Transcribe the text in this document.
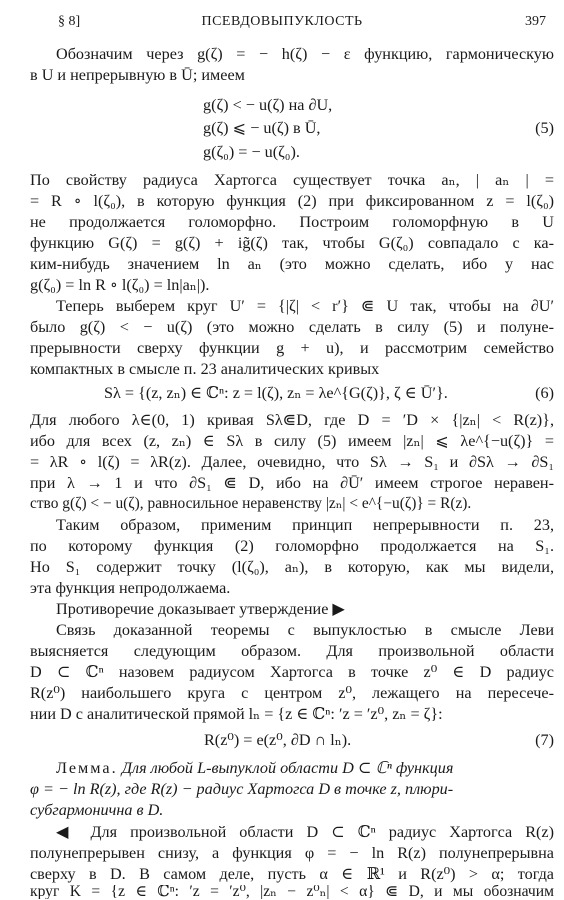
§ 8]	ПСЕВДОВЫПУКЛОСТЬ	397
Обозначим через g(ζ) = − h(ζ) − ε функцию, гармоническую
в U и непрерывную в Ū; имеем
g(ζ) < − u(ζ) на ∂U,
g(ζ) ⩽ − u(ζ) в Ū,
g(ζ₀) = − u(ζ₀).
(5)
По свойству радиуса Хартогса существует точка aₙ, | aₙ | =
= R ∘ l(ζ₀), в которую функция (2) при фиксированном z = l(ζ₀)
не продолжается голоморфно. Построим голоморфную в U
функцию G(ζ) = g(ζ) + ig̃(ζ) так, чтобы G(ζ₀) совпадало с ка-
ким-нибудь значением ln aₙ (это можно сделать, ибо у нас
g(ζ₀) = ln R ∘ l(ζ₀) = ln|aₙ|).
Теперь выберем круг U′ = {|ζ| < r′} ⋐ U так, чтобы на ∂U′
было g(ζ) < − u(ζ) (это можно сделать в силу (5) и полуне-
прерывности сверху функции g + u), и рассмотрим семейство
компактных в смысле п. 23 аналитических кривых
Sλ = {(z, zₙ) ∈ ℂⁿ: z = l(ζ), zₙ = λe^{G(ζ)}, ζ ∈ Ū′}.	(6)
Для любого λ∈(0, 1) кривая Sλ⋐D, где D = ′D × {|zₙ| < R(z)},
ибо для всех (z, zₙ) ∈ Sλ в силу (5) имеем |zₙ| ⩽ λe^{−u(ζ)} =
= λR ∘ l(ζ) = λR(z). Далее, очевидно, что Sλ → S₁ и ∂Sλ → ∂S₁
при λ → 1 и что ∂S₁ ⋐ D, ибо на ∂Ū′ имеем строгое неравен-
ство g(ζ) < − u(ζ), равносильное неравенству |zₙ| < e^{−u(ζ)} = R(z).
Таким образом, применим принцип непрерывности п. 23,
по которому функция (2) голоморфно продолжается на S₁.
Но S₁ содержит точку (l(ζ₀), aₙ), в которую, как мы видели,
эта функция непродолжаема.
Противоречие доказывает утверждение ▶
Связь доказанной теоремы с выпуклостью в смысле Леви
выясняется следующим образом. Для произвольной области
D ⊂ ℂⁿ назовем радиусом Хартогса в точке z⁰ ∈ D радиус
R(z⁰) наибольшего круга с центром z⁰, лежащего на пересече-
нии D с аналитической прямой lₙ = {z ∈ ℂⁿ: ′z = ′z⁰, zₙ = ζ}:
R(z⁰) = e(z⁰, ∂D ∩ lₙ).	(7)
Лемма. Для любой L-выпуклой области D ⊂ ℂⁿ функция
φ = − ln R(z), где R(z) − радиус Хартогса D в точке z, плюри-
субгармонична в D.
◀ Для произвольной области D ⊂ ℂⁿ радиус Хартогса R(z)
полунепрерывен снизу, а функция φ = − ln R(z) полунепрерывна
сверху в D. В самом деле, пусть α ∈ ℝ¹ и R(z⁰) > α; тогда
круг K = {z ∈ ℂⁿ: ′z = ′z⁰, |zₙ − z⁰ₙ| < α} ⋐ D, и мы обозначим
